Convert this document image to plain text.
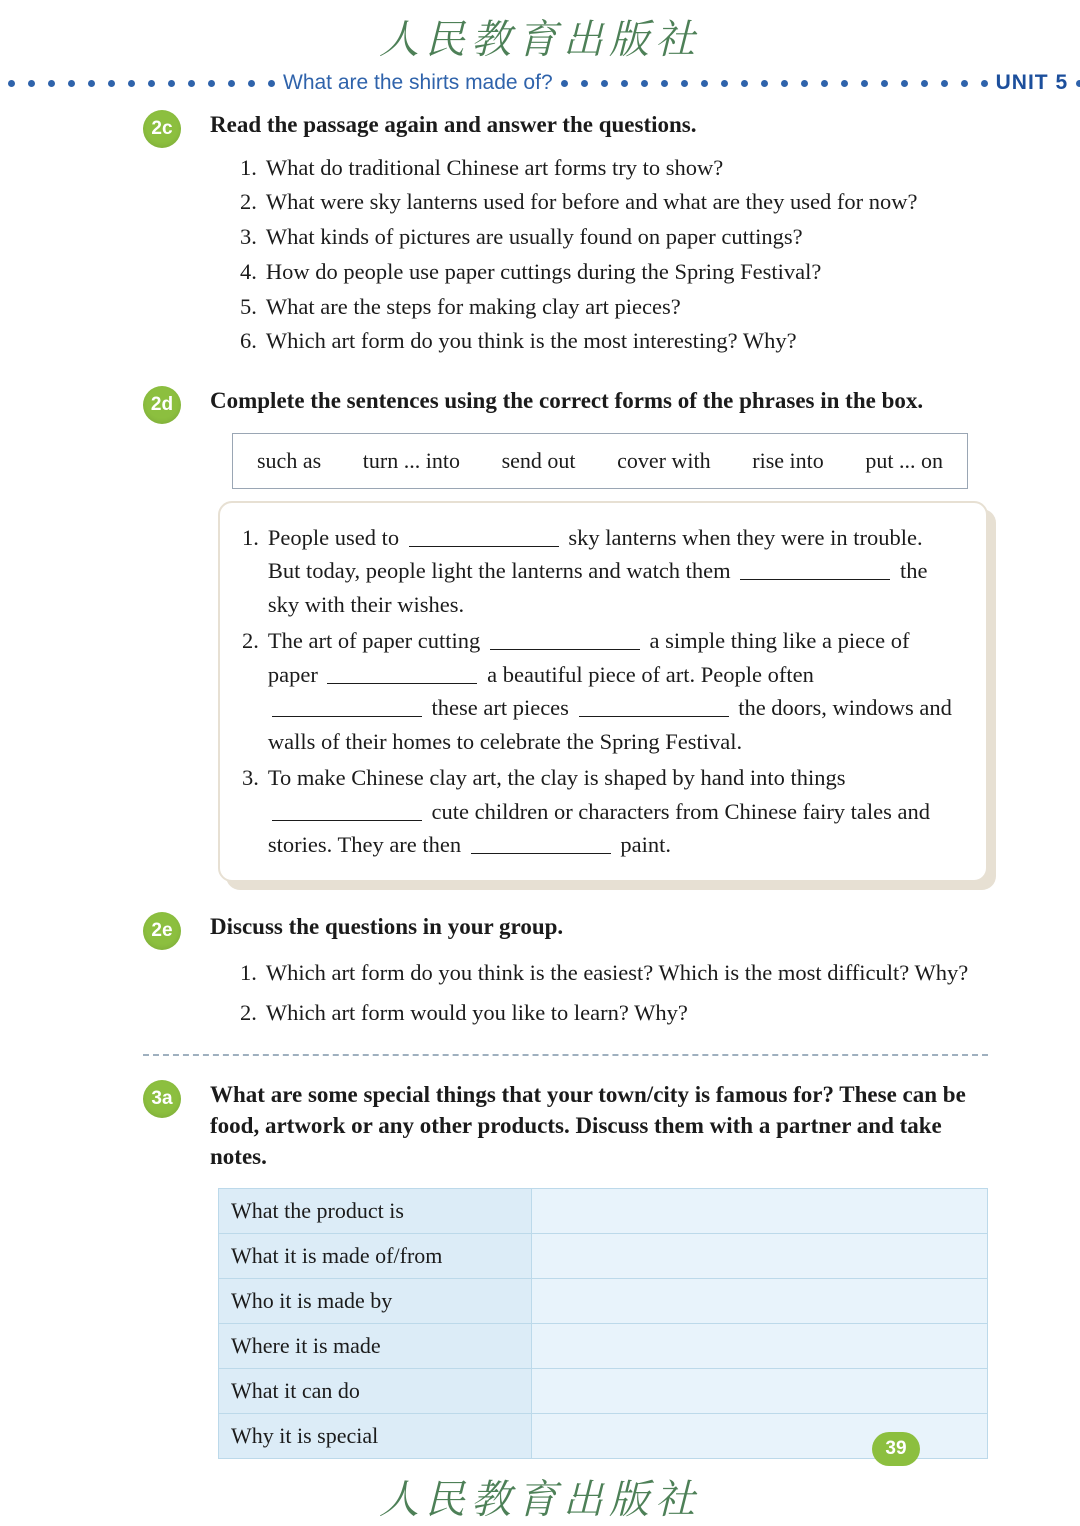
人民教育出版社
What are the shirts made of?	UNIT 5
2c	Read the passage again and answer the questions.
1. What do traditional Chinese art forms try to show?
2. What were sky lanterns used for before and what are they used for now?
3. What kinds of pictures are usually found on paper cuttings?
4. How do people use paper cuttings during the Spring Festival?
5. What are the steps for making clay art pieces?
6. Which art form do you think is the most interesting? Why?
2d	Complete the sentences using the correct forms of the phrases in the box.
such as turn ... into send out cover with rise into put ... on
1. People used to	sky lanterns when they were in trouble. But today, people light the lanterns and watch them	the sky with their wishes.
2. The art of paper cutting	a simple thing like a piece of paper	a beautiful piece of art. People often  these art pieces	the doors, windows and walls of their homes to celebrate the Spring Festival.
3. To make Chinese clay art, the clay is shaped by hand into things  cute children or characters from Chinese fairy tales and stories. They are then	paint.
2e	Discuss the questions in your group.
1. Which art form do you think is the easiest? Which is the most difficult? Why?
2. Which art form would you like to learn? Why?
3a	What are some special things that your town/city is famous for? These can be food, artwork or any other products. Discuss them with a partner and take notes.
What the product is	
What it is made of/from	
Who it is made by	
Where it is made	
What it can do	
Why it is special	
39
人民教育出版社
